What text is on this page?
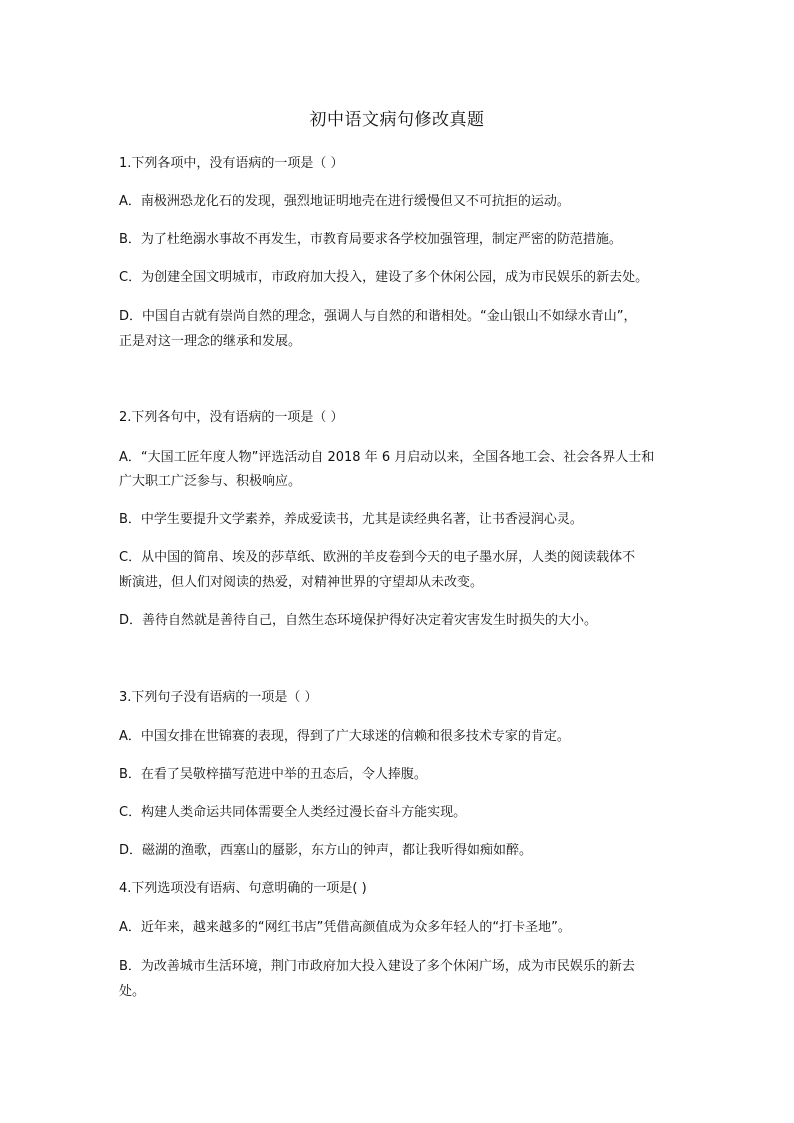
初中语文病句修改真题
1.下列各项中，没有语病的一项是（ ）
A．南极洲恐龙化石的发现，强烈地证明地壳在进行缓慢但又不可抗拒的运动。
B．为了杜绝溺水事故不再发生，市教育局要求各学校加强管理，制定严密的防范措施。
C．为创建全国文明城市，市政府加大投入，建设了多个休闲公园，成为市民娱乐的新去处。
D．中国自古就有崇尚自然的理念，强调人与自然的和谐相处。“金山银山不如绿水青山”，
正是对这一理念的继承和发展。
2.下列各句中，没有语病的一项是（ ）
A．“大国工匠年度人物”评选活动自 2018 年 6 月启动以来，全国各地工会、社会各界人士和
广大职工广泛参与、积极响应。
B．中学生要提升文学素养，养成爱读书，尤其是读经典名著，让书香浸润心灵。
C．从中国的简帛、埃及的莎草纸、欧洲的羊皮卷到今天的电子墨水屏，人类的阅读载体不
断演进，但人们对阅读的热爱，对精神世界的守望却从未改变。
D．善待自然就是善待自己，自然生态环境保护得好决定着灾害发生时损失的大小。
3.下列句子没有语病的一项是（ ）
A．中国女排在世锦赛的表现，得到了广大球迷的信赖和很多技术专家的肯定。
B．在看了吴敬梓描写范进中举的丑态后，令人捧腹。
C．构建人类命运共同体需要全人类经过漫长奋斗方能实现。
D．磁湖的渔歌，西塞山的蜃影，东方山的钟声，都让我听得如痴如醉。
4.下列选项没有语病、句意明确的一项是( )
A．近年来，越来越多的“网红书店”凭借高颜值成为众多年轻人的“打卡圣地”。
B．为改善城市生活环境，荆门市政府加大投入建设了多个休闲广场，成为市民娱乐的新去
处。
